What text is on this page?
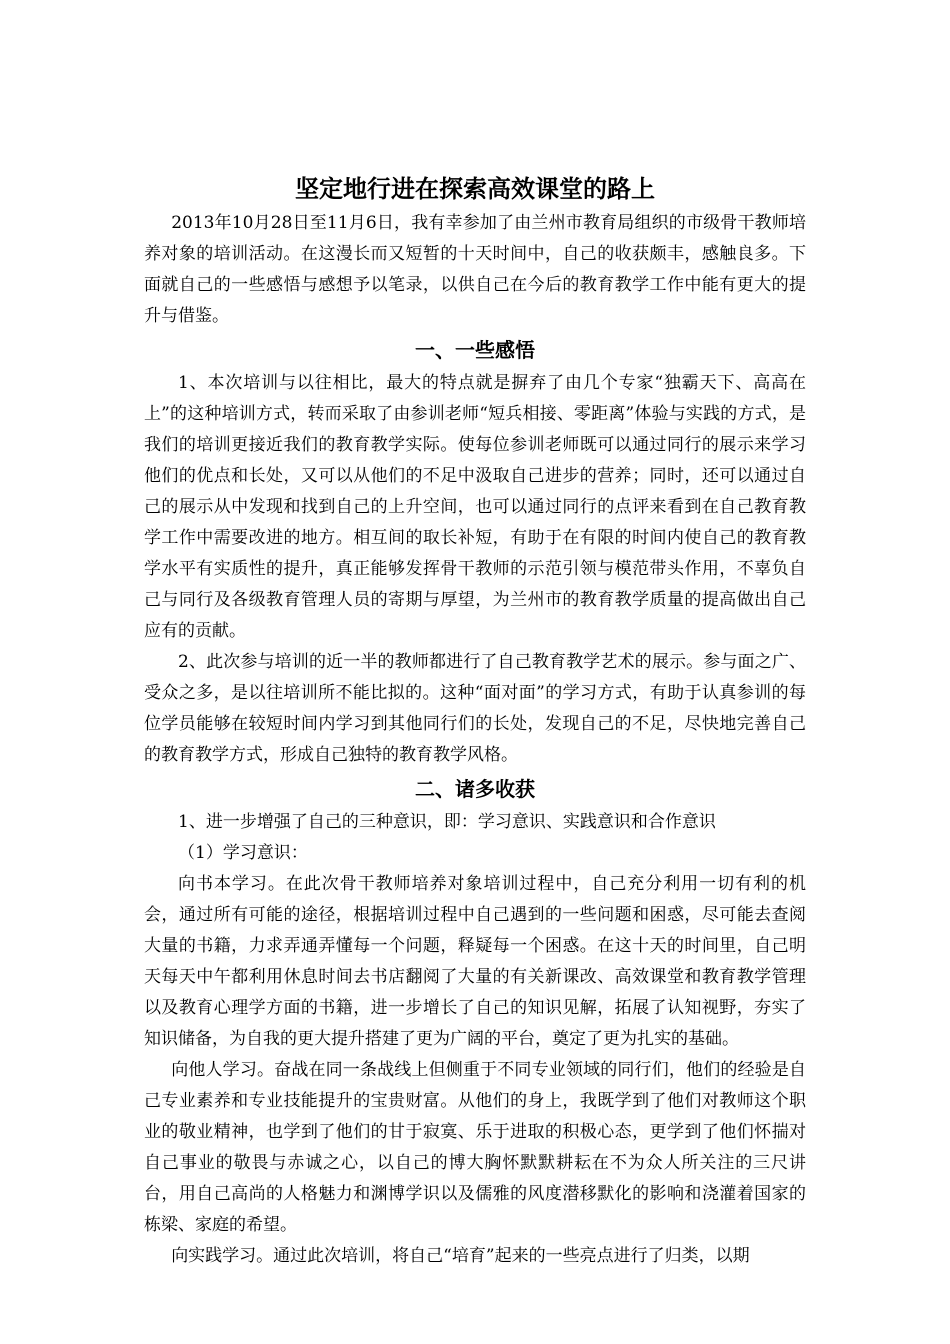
坚定地行进在探索高效课堂的路上

2013年10月28日至11月6日，我有幸参加了由兰州市教育局组织的市级骨干教师培养对象的培训活动。在这漫长而又短暂的十天时间中，自己的收获颇丰，感触良多。下面就自己的一些感悟与感想予以笔录，以供自己在今后的教育教学工作中能有更大的提升与借鉴。

一、一些感悟

1、本次培训与以往相比，最大的特点就是摒弃了由几个专家“独霸天下、高高在上”的这种培训方式，转而采取了由参训老师“短兵相接、零距离”体验与实践的方式，是我们的培训更接近我们的教育教学实际。使每位参训老师既可以通过同行的展示来学习他们的优点和长处，又可以从他们的不足中汲取自己进步的营养；同时，还可以通过自己的展示从中发现和找到自己的上升空间，也可以通过同行的点评来看到在自己教育教学工作中需要改进的地方。相互间的取长补短，有助于在有限的时间内使自己的教育教学水平有实质性的提升，真正能够发挥骨干教师的示范引领与模范带头作用，不辜负自己与同行及各级教育管理人员的寄期与厚望，为兰州市的教育教学质量的提高做出自己应有的贡献。

2、此次参与培训的近一半的教师都进行了自己教育教学艺术的展示。参与面之广、受众之多，是以往培训所不能比拟的。这种“面对面”的学习方式，有助于认真参训的每位学员能够在较短时间内学习到其他同行们的长处，发现自己的不足，尽快地完善自己的教育教学方式，形成自己独特的教育教学风格。

二、诸多收获

1、进一步增强了自己的三种意识，即：学习意识、实践意识和合作意识

（1）学习意识：

向书本学习。在此次骨干教师培养对象培训过程中，自己充分利用一切有利的机会，通过所有可能的途径，根据培训过程中自己遇到的一些问题和困惑，尽可能去查阅大量的书籍，力求弄通弄懂每一个问题，释疑每一个困惑。在这十天的时间里，自己明天每天中午都利用休息时间去书店翻阅了大量的有关新课改、高效课堂和教育教学管理以及教育心理学方面的书籍，进一步增长了自己的知识见解，拓展了认知视野，夯实了知识储备，为自我的更大提升搭建了更为广阔的平台，奠定了更为扎实的基础。

向他人学习。奋战在同一条战线上但侧重于不同专业领域的同行们，他们的经验是自己专业素养和专业技能提升的宝贵财富。从他们的身上，我既学到了他们对教师这个职业的敬业精神，也学到了他们的甘于寂寞、乐于进取的积极心态，更学到了他们怀揣对自己事业的敬畏与赤诚之心，以自己的博大胸怀默默耕耘在不为众人所关注的三尺讲台，用自己高尚的人格魅力和渊博学识以及儒雅的风度潜移默化的影响和浇灌着国家的栋梁、家庭的希望。

向实践学习。通过此次培训，将自己“培育”起来的一些亮点进行了归类，以期
